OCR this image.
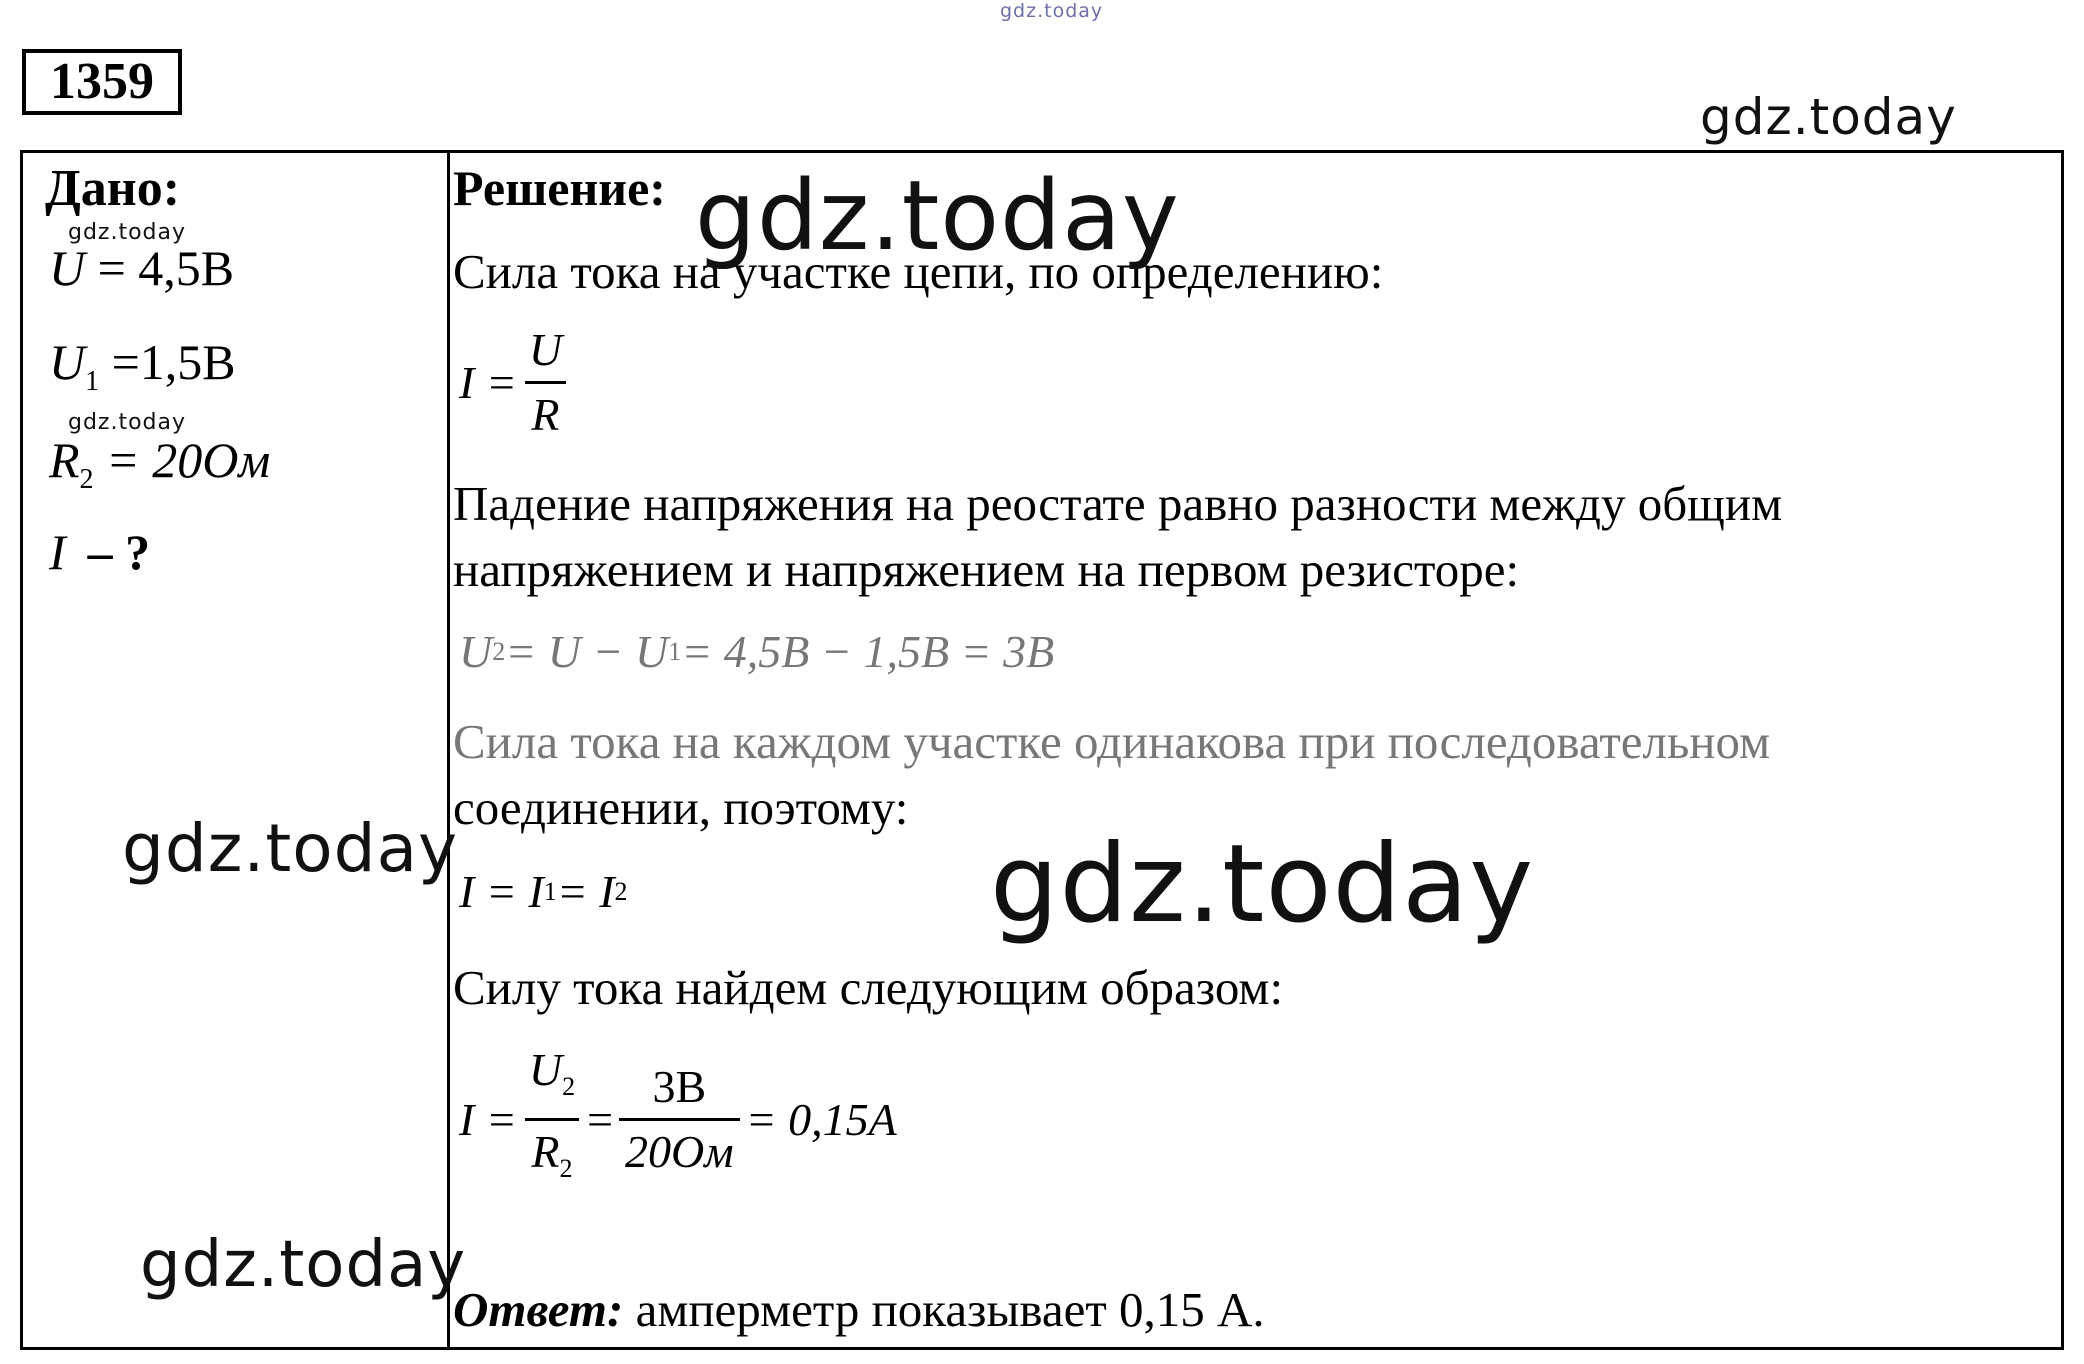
gdz.today
gdz.today
1359
Дано:
U = 4,5B
$U_1 =1,5B$
$R_2 = 20Ом$
I – ?
Решение:
Сила тока на участке цепи, по определению:
$I = \frac{U}{R}$
Падение напряжения на реостате равно разности между общим
напряжением и напряжением на первом резисторе:
U 2 = U − U 1 = 4,5B − 1,5B = 3B
Сила тока на каждом участке одинакова при последовательном
соединении, поэтому:
I = I 1 = I 2
Силу тока найдем следующим образом:
$I = \frac{U_2}{R_2} = \frac{3B}{20Ом} = 0,15A$
Ответ: амперметр показывает 0,15 А.
gdz.today
gdz.today
gdz.today
gdz.today	gdz.today
gdz.today
